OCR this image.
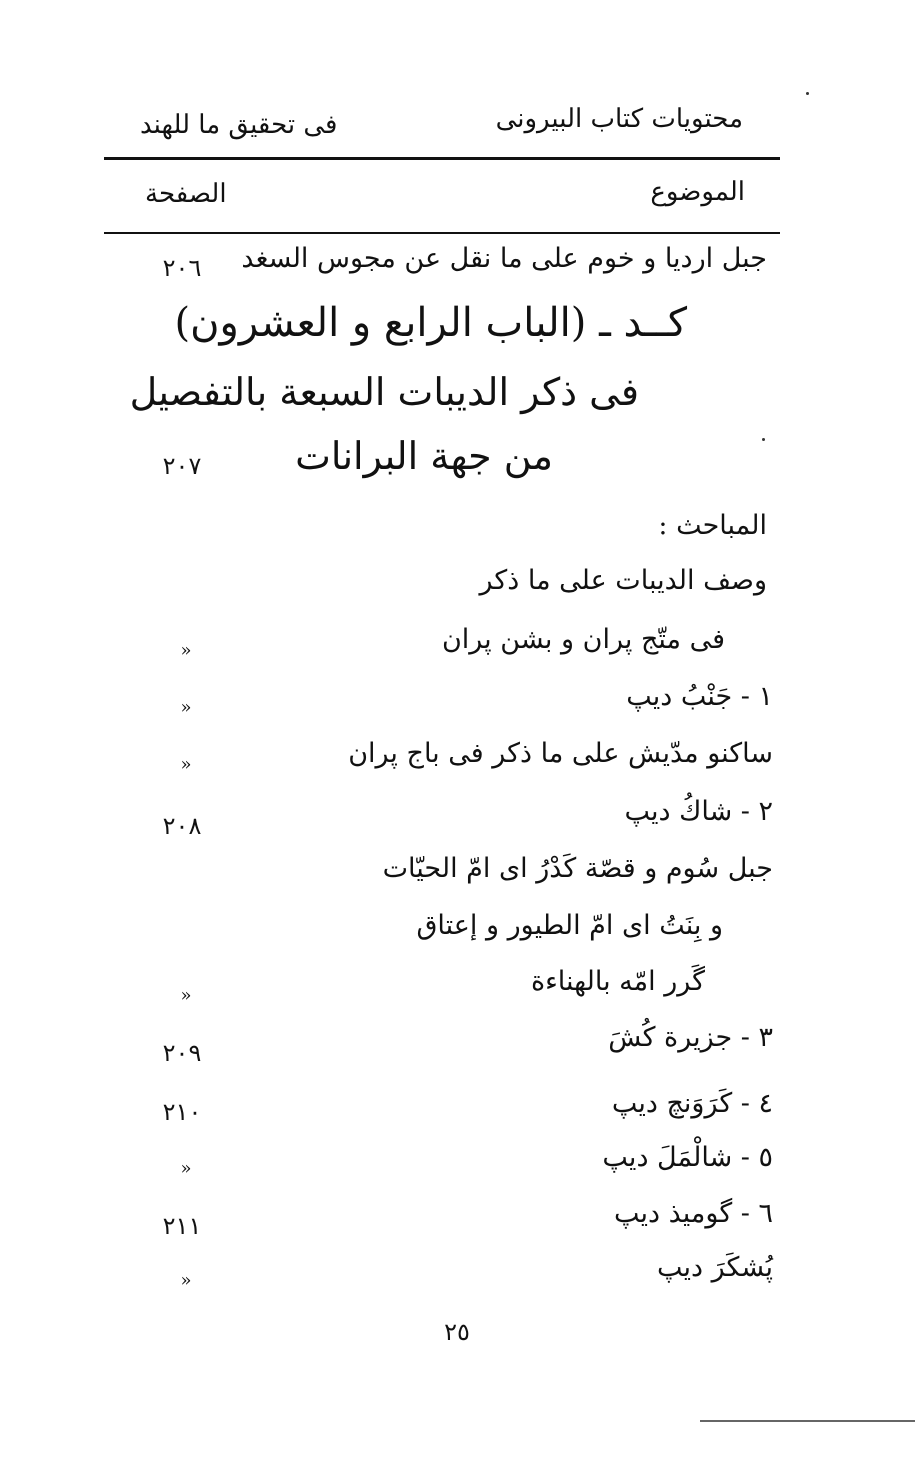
محتويات كتاب البيرونى
فى تحقيق ما للهند
الموضوع
الصفحة
جبل ارديا و خوم على ما نقل عن مجوس السغد
۲۰٦
كــد ـ (الباب الرابع و العشرون)
فى ذكر الديبات السبعة بالتفصيل
من جهة البرانات
۲۰۷
المباحث :
وصف الديبات على ما ذكر
فى متّج پران و بشن پران
»
۱ - جَنْبُ ديپ
»
ساكنو مدّيش على ما ذكر فى باج پران
»
۲ - شاكُ ديپ
۲۰۸
جبل سُوم و قصّة كَدْرُ اى امّ الحيّات
و بِنَتُ اى امّ الطيور و إعتاق
گَرر امّه بالهناءة
»
۳ - جزيرة كُشَ
۲۰۹
٤ - كَرَوَنچ ديپ
۲۱۰
٥ - شالْمَلَ ديپ
»
٦ - گوميذ ديپ
۲۱۱
پُشكَرَ ديپ
»
۲٥
